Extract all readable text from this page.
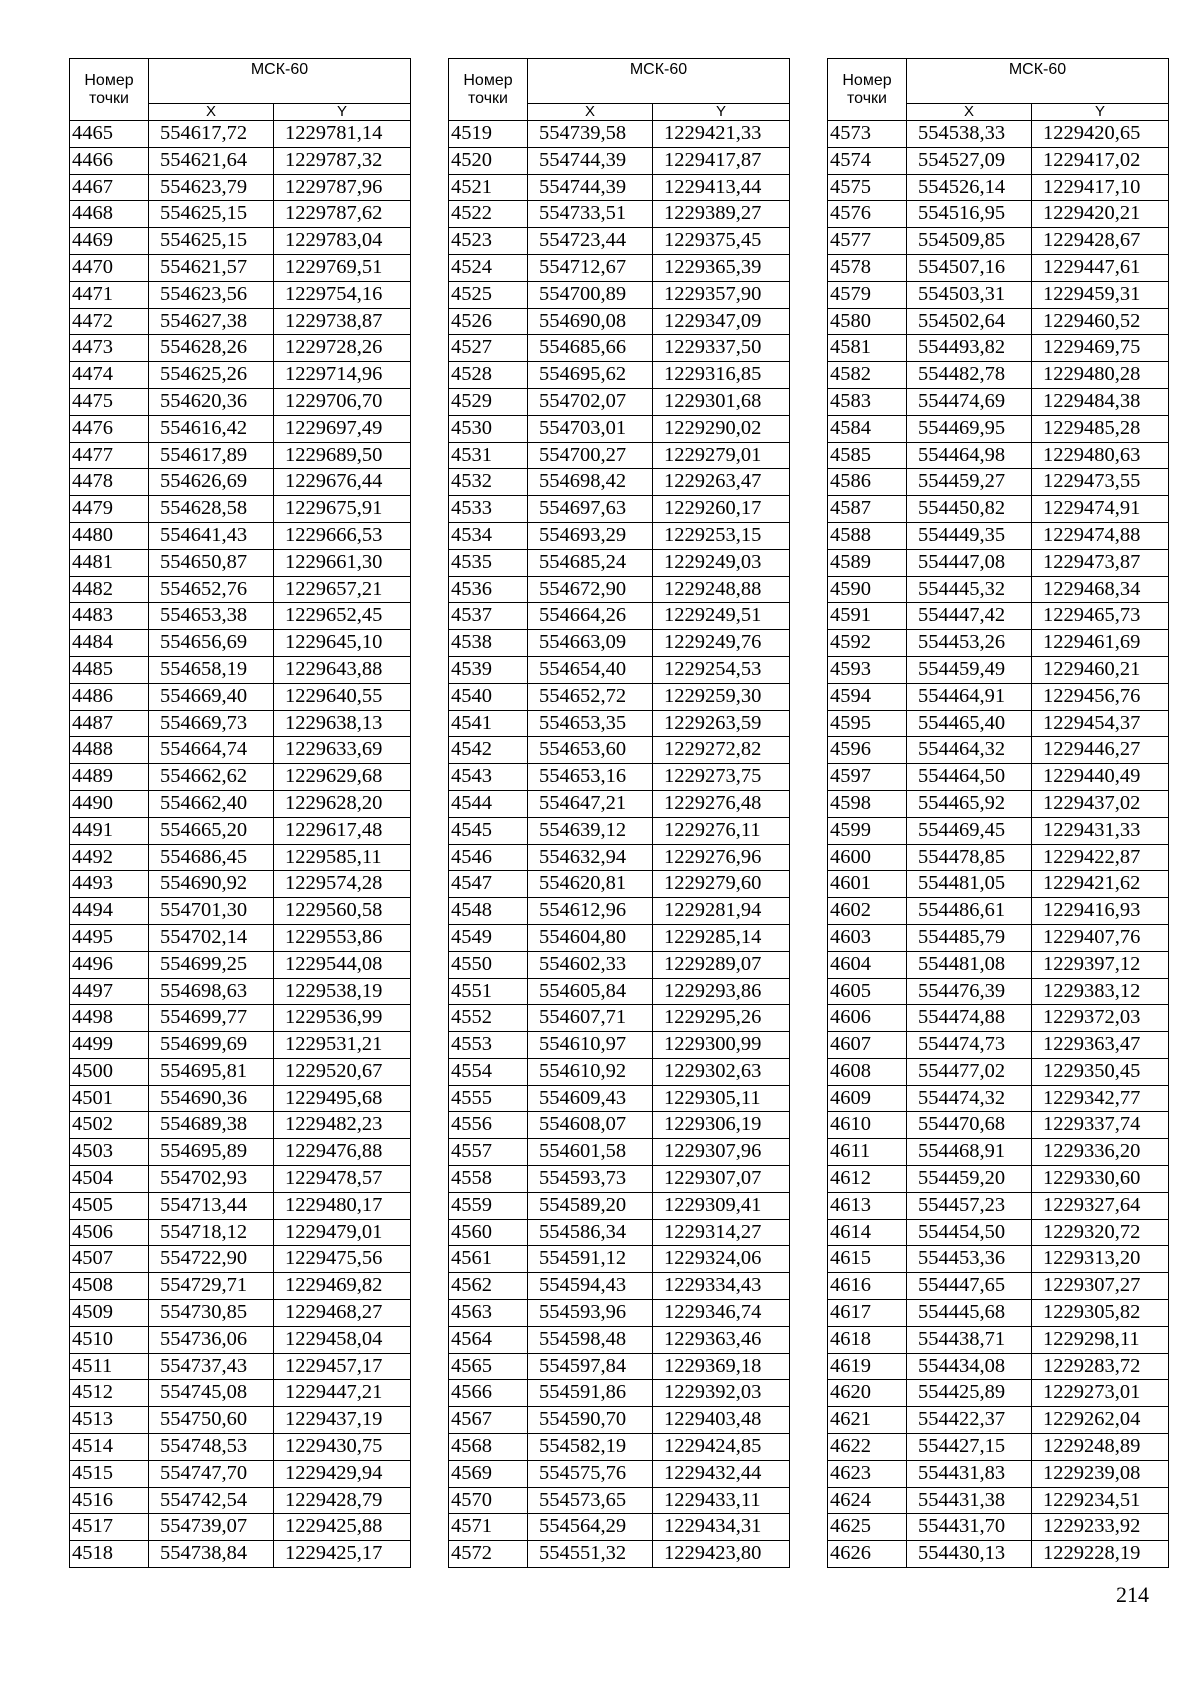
Номер
точки	МСК-60	
	X	Y
4465	554617,72	1229781,14
4466	554621,64	1229787,32
4467	554623,79	1229787,96
4468	554625,15	1229787,62
4469	554625,15	1229783,04
4470	554621,57	1229769,51
4471	554623,56	1229754,16
4472	554627,38	1229738,87
4473	554628,26	1229728,26
4474	554625,26	1229714,96
4475	554620,36	1229706,70
4476	554616,42	1229697,49
4477	554617,89	1229689,50
4478	554626,69	1229676,44
4479	554628,58	1229675,91
4480	554641,43	1229666,53
4481	554650,87	1229661,30
4482	554652,76	1229657,21
4483	554653,38	1229652,45
4484	554656,69	1229645,10
4485	554658,19	1229643,88
4486	554669,40	1229640,55
4487	554669,73	1229638,13
4488	554664,74	1229633,69
4489	554662,62	1229629,68
4490	554662,40	1229628,20
4491	554665,20	1229617,48
4492	554686,45	1229585,11
4493	554690,92	1229574,28
4494	554701,30	1229560,58
4495	554702,14	1229553,86
4496	554699,25	1229544,08
4497	554698,63	1229538,19
4498	554699,77	1229536,99
4499	554699,69	1229531,21
4500	554695,81	1229520,67
4501	554690,36	1229495,68
4502	554689,38	1229482,23
4503	554695,89	1229476,88
4504	554702,93	1229478,57
4505	554713,44	1229480,17
4506	554718,12	1229479,01
4507	554722,90	1229475,56
4508	554729,71	1229469,82
4509	554730,85	1229468,27
4510	554736,06	1229458,04
4511	554737,43	1229457,17
4512	554745,08	1229447,21
4513	554750,60	1229437,19
4514	554748,53	1229430,75
4515	554747,70	1229429,94
4516	554742,54	1229428,79
4517	554739,07	1229425,88
4518	554738,84	1229425,17
Номер
точки	МСК-60	
	X	Y
4519	554739,58	1229421,33
4520	554744,39	1229417,87
4521	554744,39	1229413,44
4522	554733,51	1229389,27
4523	554723,44	1229375,45
4524	554712,67	1229365,39
4525	554700,89	1229357,90
4526	554690,08	1229347,09
4527	554685,66	1229337,50
4528	554695,62	1229316,85
4529	554702,07	1229301,68
4530	554703,01	1229290,02
4531	554700,27	1229279,01
4532	554698,42	1229263,47
4533	554697,63	1229260,17
4534	554693,29	1229253,15
4535	554685,24	1229249,03
4536	554672,90	1229248,88
4537	554664,26	1229249,51
4538	554663,09	1229249,76
4539	554654,40	1229254,53
4540	554652,72	1229259,30
4541	554653,35	1229263,59
4542	554653,60	1229272,82
4543	554653,16	1229273,75
4544	554647,21	1229276,48
4545	554639,12	1229276,11
4546	554632,94	1229276,96
4547	554620,81	1229279,60
4548	554612,96	1229281,94
4549	554604,80	1229285,14
4550	554602,33	1229289,07
4551	554605,84	1229293,86
4552	554607,71	1229295,26
4553	554610,97	1229300,99
4554	554610,92	1229302,63
4555	554609,43	1229305,11
4556	554608,07	1229306,19
4557	554601,58	1229307,96
4558	554593,73	1229307,07
4559	554589,20	1229309,41
4560	554586,34	1229314,27
4561	554591,12	1229324,06
4562	554594,43	1229334,43
4563	554593,96	1229346,74
4564	554598,48	1229363,46
4565	554597,84	1229369,18
4566	554591,86	1229392,03
4567	554590,70	1229403,48
4568	554582,19	1229424,85
4569	554575,76	1229432,44
4570	554573,65	1229433,11
4571	554564,29	1229434,31
4572	554551,32	1229423,80
Номер
точки	МСК-60	
	X	Y
4573	554538,33	1229420,65
4574	554527,09	1229417,02
4575	554526,14	1229417,10
4576	554516,95	1229420,21
4577	554509,85	1229428,67
4578	554507,16	1229447,61
4579	554503,31	1229459,31
4580	554502,64	1229460,52
4581	554493,82	1229469,75
4582	554482,78	1229480,28
4583	554474,69	1229484,38
4584	554469,95	1229485,28
4585	554464,98	1229480,63
4586	554459,27	1229473,55
4587	554450,82	1229474,91
4588	554449,35	1229474,88
4589	554447,08	1229473,87
4590	554445,32	1229468,34
4591	554447,42	1229465,73
4592	554453,26	1229461,69
4593	554459,49	1229460,21
4594	554464,91	1229456,76
4595	554465,40	1229454,37
4596	554464,32	1229446,27
4597	554464,50	1229440,49
4598	554465,92	1229437,02
4599	554469,45	1229431,33
4600	554478,85	1229422,87
4601	554481,05	1229421,62
4602	554486,61	1229416,93
4603	554485,79	1229407,76
4604	554481,08	1229397,12
4605	554476,39	1229383,12
4606	554474,88	1229372,03
4607	554474,73	1229363,47
4608	554477,02	1229350,45
4609	554474,32	1229342,77
4610	554470,68	1229337,74
4611	554468,91	1229336,20
4612	554459,20	1229330,60
4613	554457,23	1229327,64
4614	554454,50	1229320,72
4615	554453,36	1229313,20
4616	554447,65	1229307,27
4617	554445,68	1229305,82
4618	554438,71	1229298,11
4619	554434,08	1229283,72
4620	554425,89	1229273,01
4621	554422,37	1229262,04
4622	554427,15	1229248,89
4623	554431,83	1229239,08
4624	554431,38	1229234,51
4625	554431,70	1229233,92
4626	554430,13	1229228,19
214
